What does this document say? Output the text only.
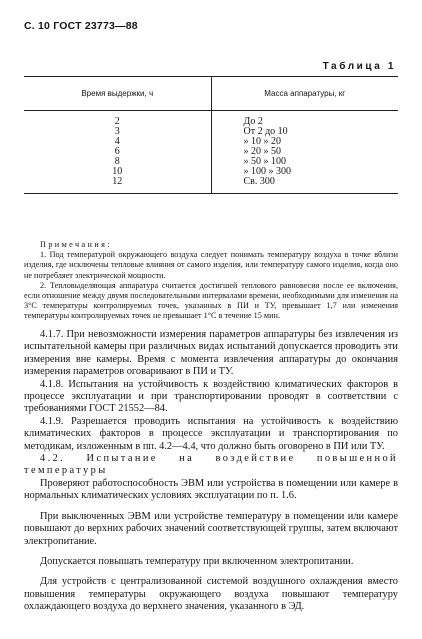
С. 10 ГОСТ 23773—88
Таблица 1
Время выдержки, ч	Масса аппаратуры, кг
2	До 2
3	От 2 до 10
4	» 10 » 20
6	» 20 » 50
8	» 50 » 100
10	» 100 » 300
12	Св. 300

Примечания:

1. Под температурой окружающего воздуха следует понимать температуру воздуха в точке вблизи изделия, где исключены тепловые влияния от самого изделия, или температуру самого изделия, когда оно не потребляет электрической мощности.

2. Тепловыделяющая аппаратура считается достигшей теплового равновесия после ее включения, если отношение между двумя последовательными интервалами времени, необходимыми для изменения на 3°С температуры контролируемых точек, указанных в ПИ и ТУ, превышает 1,7 или изменения температуры контролируемых точек не превышает 1°С в течение 15 мин.

4.1.7. При невозможности измерения параметров аппаратуры без извлечения из испытательной камеры при различных видах испытаний допускается проводить эти измерения вне камеры. Время с момента извлечения аппаратуры до окончания измерения параметров оговаривают в ПИ и ТУ.

4.1.8. Испытания на устойчивость к воздействию климатических факторов в процессе эксплуатации и при транспортировании проводят в соответствии с требованиями ГОСТ 21552—84.

4.1.9. Разрешается проводить испытания на устойчивость к воздействию климатических факторов в процессе эксплуатации и транспортирования по методикам, изложенным в пп. 4.2—4.4, что должно быть оговорено в ПИ или ТУ.

4.2. Испытание на воздействие повышенной температуры

Проверяют работоспособность ЭВМ или устройства в помещении или камере в нормальных климатических условиях эксплуатации по п. 1.6.

При выключенных ЭВМ или устройстве температуру в помещении или камере повышают до верхних рабочих значений соответствующей группы, затем включают электропитание.

Допускается повышать температуру при включенном электропитании.

Для устройств с централизованной системой воздушного охлаждения вместо повышения температуры окружающего воздуха повышают температуру охлаждающего воздуха до верхнего значения, указанного в ЭД.
